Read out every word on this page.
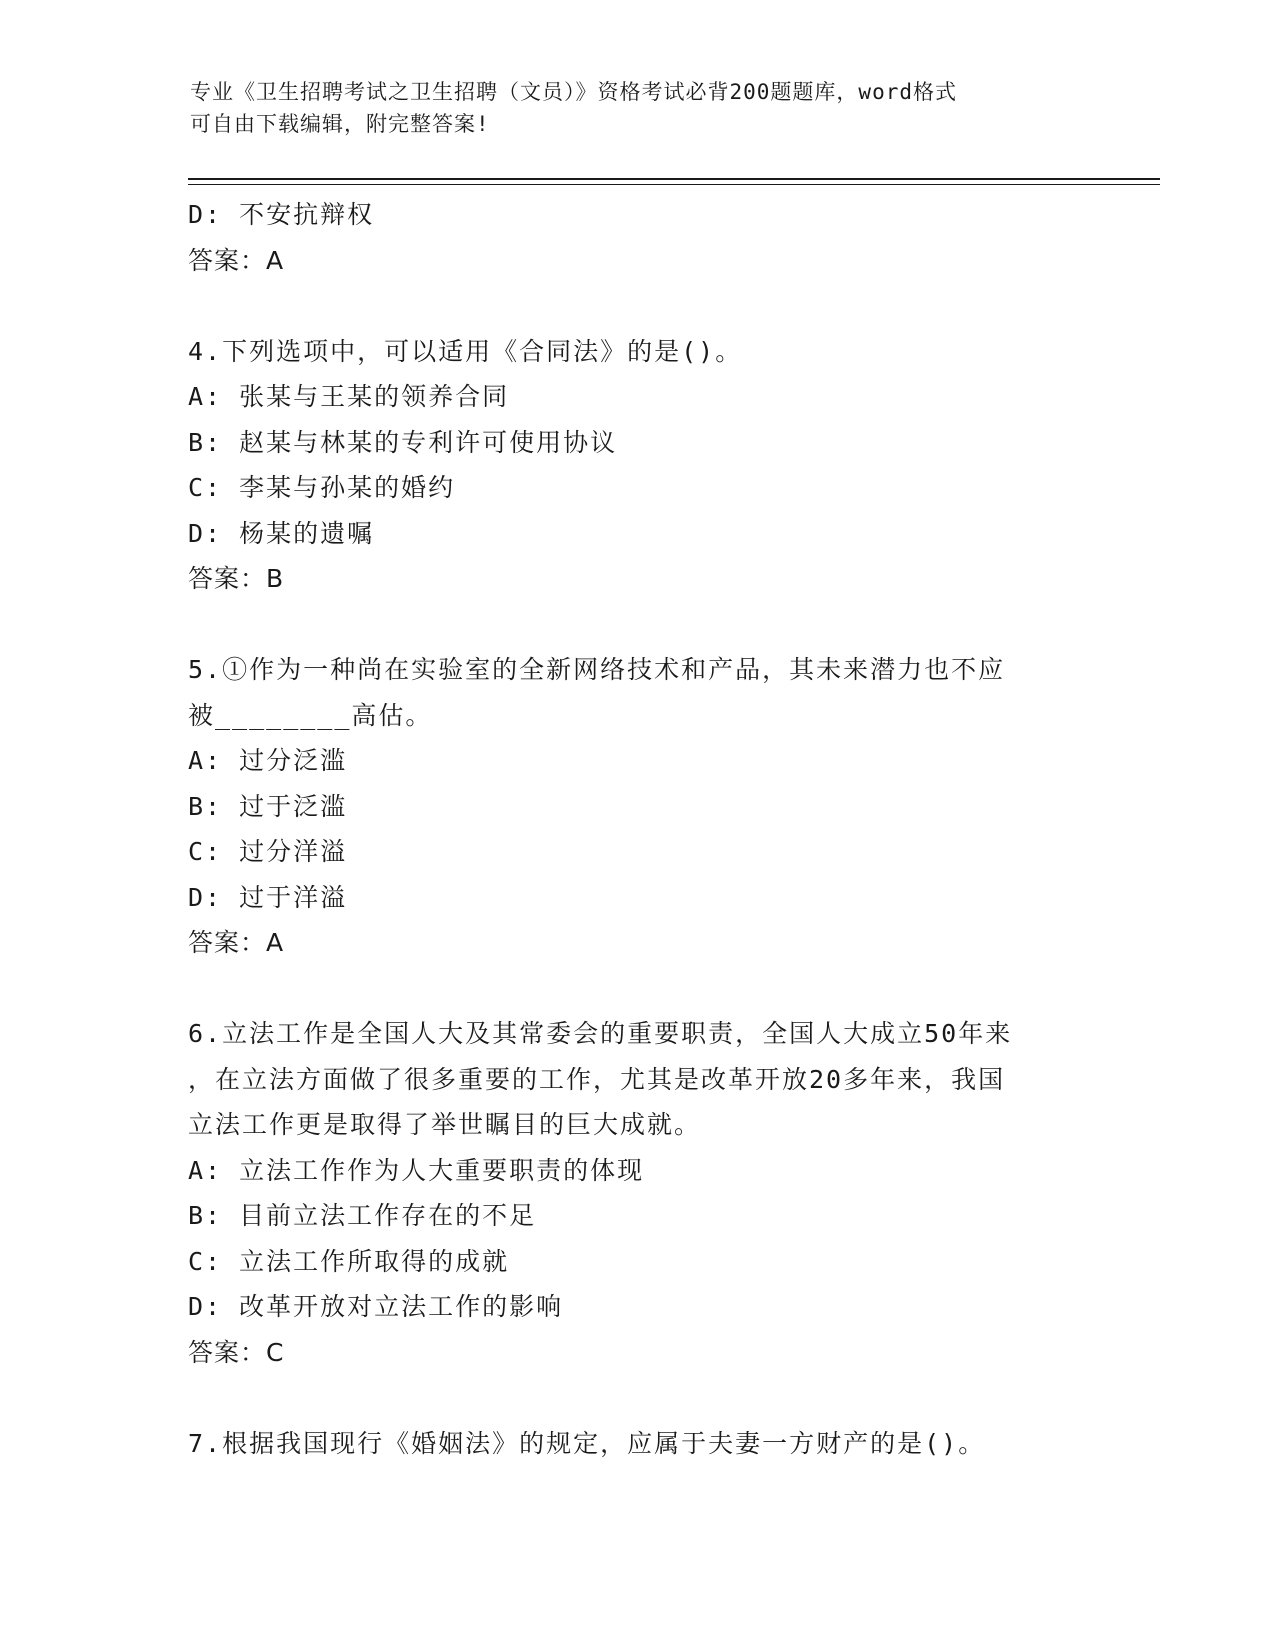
专业《卫生招聘考试之卫生招聘（文员）》资格考试必背200题题库，word格式
可自由下载编辑，附完整答案!
D: 不安抗辩权
答案：A
4.下列选项中，可以适用《合同法》的是()。
A: 张某与王某的领养合同
B: 赵某与林某的专利许可使用协议
C: 李某与孙某的婚约
D: 杨某的遗嘱
答案：B
5.①作为一种尚在实验室的全新网络技术和产品，其未来潜力也不应
被________高估。
A: 过分泛滥
B: 过于泛滥
C: 过分洋溢
D: 过于洋溢
答案：A
6.立法工作是全国人大及其常委会的重要职责，全国人大成立50年来
，在立法方面做了很多重要的工作，尤其是改革开放20多年来，我国
立法工作更是取得了举世瞩目的巨大成就。
A: 立法工作作为人大重要职责的体现
B: 目前立法工作存在的不足
C: 立法工作所取得的成就
D: 改革开放对立法工作的影响
答案：C
7.根据我国现行《婚姻法》的规定，应属于夫妻一方财产的是()。
